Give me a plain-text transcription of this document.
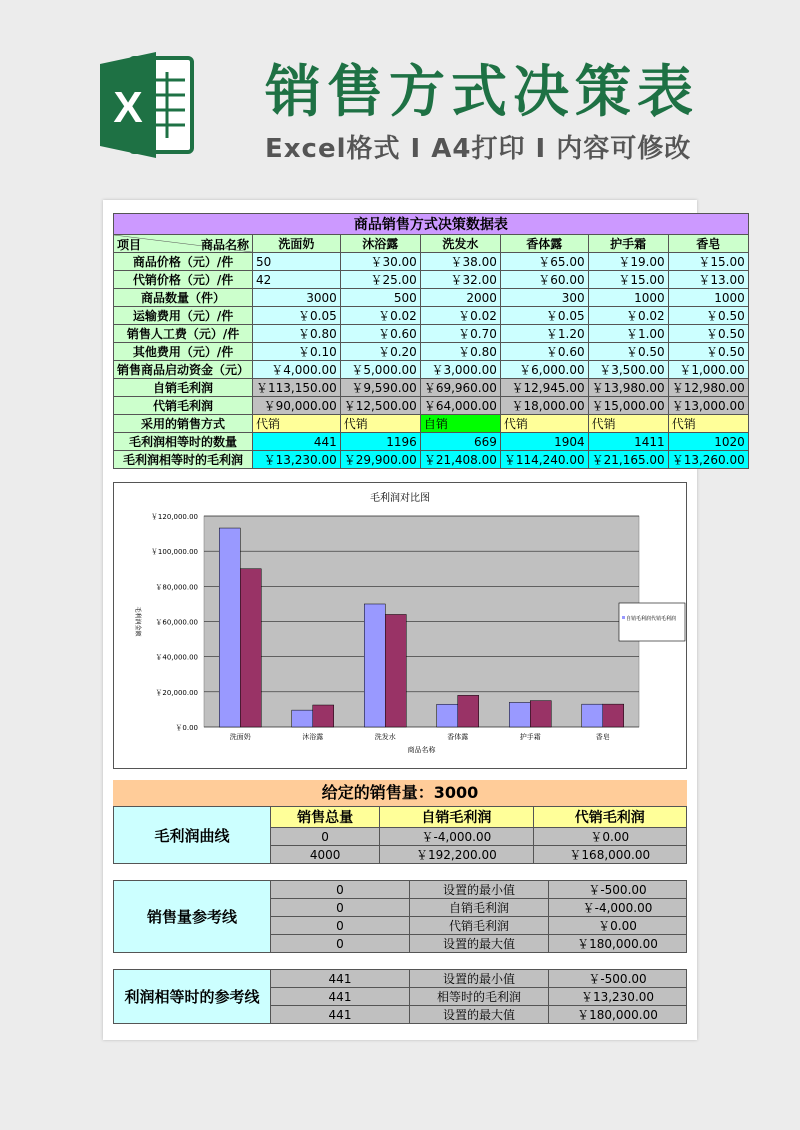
X 销售方式决策表
Excel格式 I A4打印 I 内容可修改
商品销售方式决策数据表						

项目 商品名称	洗面奶	沐浴露	洗发水	香体露	护手霜	香皂
商品价格（元）/件	50	￥30.00	￥38.00	￥65.00	￥19.00	￥15.00
代销价格（元）/件	42	￥25.00	￥32.00	￥60.00	￥15.00	￥13.00
商品数量（件）	3000	500	2000	300	1000	1000
运输费用（元）/件	￥0.05	￥0.02	￥0.02	￥0.05	￥0.02	￥0.50
销售人工费（元）/件	￥0.80	￥0.60	￥0.70	￥1.20	￥1.00	￥0.50
其他费用（元）/件	￥0.10	￥0.20	￥0.80	￥0.60	￥0.50	￥0.50
销售商品启动资金（元）	￥4,000.00	￥5,000.00	￥3,000.00	￥6,000.00	￥3,500.00	￥1,000.00
自销毛利润	￥113,150.00	￥9,590.00	￥69,960.00	￥12,945.00	￥13,980.00	￥12,980.00
代销毛利润	￥90,000.00	￥12,500.00	￥64,000.00	￥18,000.00	￥15,000.00	￥13,000.00
采用的销售方式	代销	代销	自销	代销	代销	代销
毛利润相等时的数量	441	1196	669	1904	1411	1020
毛利润相等时的毛利润	￥13,230.00	￥29,900.00	￥21,408.00	￥114,240.00	￥21,165.00	￥13,260.00
毛利润对比图
￥0.00
￥20,000.00
￥40,000.00
￥60,000.00
￥80,000.00
￥100,000.00
￥120,000.00
洗面奶	沐浴露	洗发水	香体露	护手霜	香皂
商品名称
毛利润金额	自销毛利润代销毛利润
给定的销售量：3000
毛利润曲线	销售总量	自销毛利润	代销毛利润
	0	￥-4,000.00	￥0.00
	4000	￥192,200.00	￥168,000.00
销售量参考线	0	设置的最小值	￥-500.00
	0	自销毛利润	￥-4,000.00
	0	代销毛利润	￥0.00
	0	设置的最大值	￥180,000.00
利润相等时的参考线	441	设置的最小值	￥-500.00
	441	相等时的毛利润	￥13,230.00
	441	设置的最大值	￥180,000.00
